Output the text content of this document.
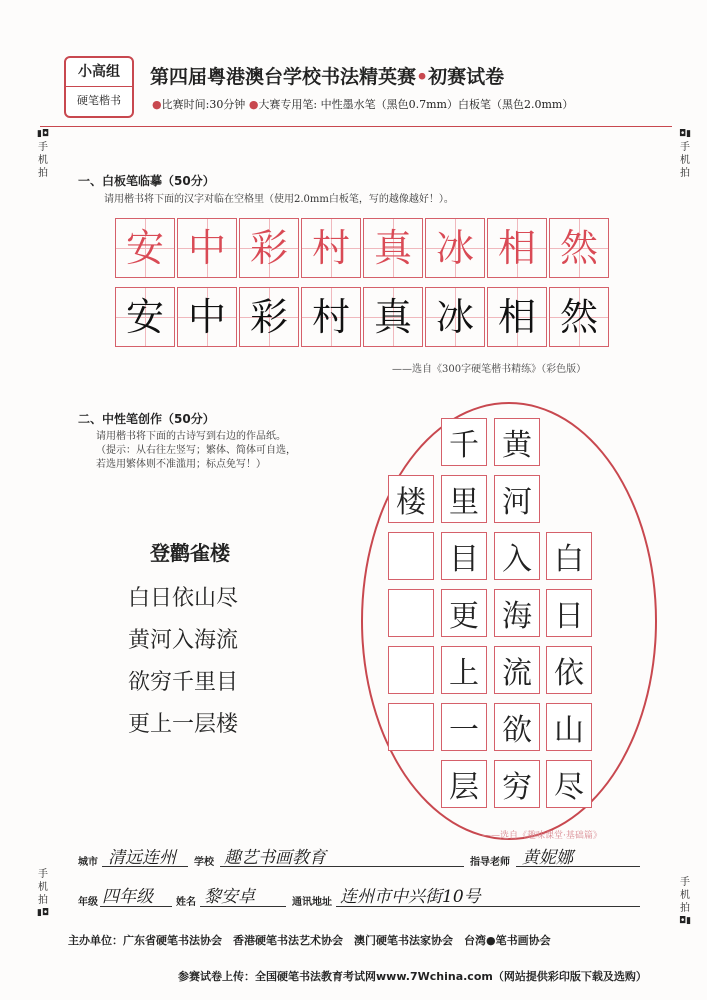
小高组
硬笔楷书
第四届粤港澳台学校书法精英赛•初赛试卷
●比赛时间:30分钟 ●大赛专用笔: 中性墨水笔（黑色0.7mm）白板笔（黑色2.0mm）
▮◘
手机拍
◘▮
手机拍
手机拍
▮◘
手机拍
◘▮
一、白板笔临摹（50分）
请用楷书将下面的汉字对临在空格里（使用2.0mm白板笔，写的越像越好！）。
安 中 彩 村 真 冰 相 然
安 中 彩 村 真 冰 相 然
——选自《300字硬笔楷书精练》（彩色版）
二、中性笔创作（50分）
请用楷书将下面的古诗写到右边的作品纸。
（提示：从右往左竖写；繁体、简体可自选，
若选用繁体则不准滥用；标点免写！）
登鹳雀楼
白日依山尽
黄河入海流
欲穷千里目
更上一层楼
白
日
依
山
尽
黄
河
入
海
流
欲
穷
千
里
目
更
上
一
层
楼
——选自《趣味课堂·基础篇》
城市 清远连州 学校 趣艺书画教育	指导老师 黄妮娜
年级 四年级 姓名 黎安卓	通讯地址 连州市中兴街10号
主办单位：广东省硬笔书法协会　香港硬笔书法艺术协会　澳门硬笔书法家协会　台湾●笔书画协会
参赛试卷上传：全国硬笔书法教育考试网www.7Wchina.com（网站提供彩印版下载及选购）
